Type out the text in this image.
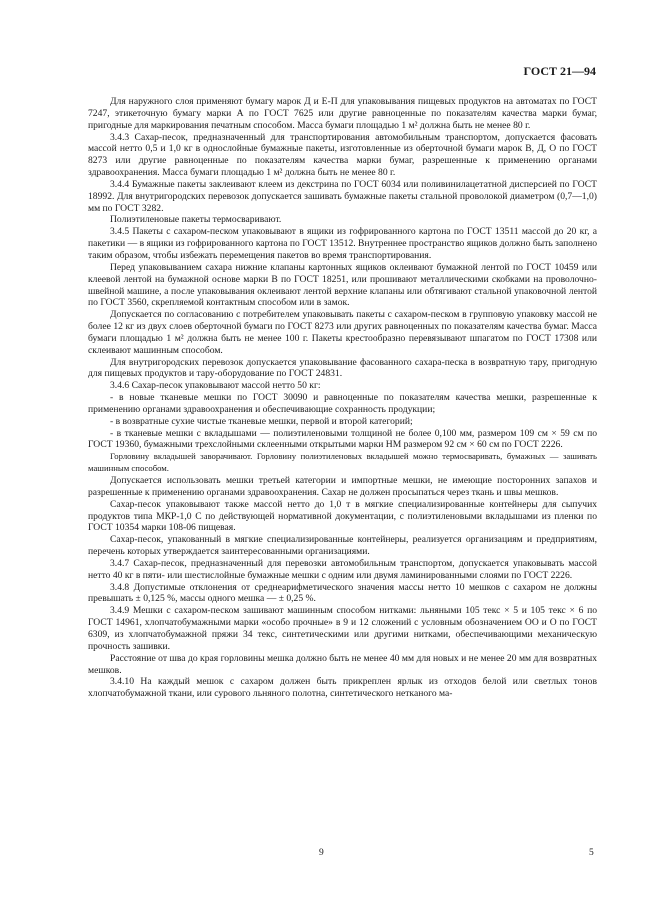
ГОСТ 21—94

Для наружного слоя применяют бумагу марок Д и Е-П для упаковывания пищевых продуктов на автоматах по ГОСТ 7247, этикеточную бумагу марки А по ГОСТ 7625 или другие равноценные по показателям качества марки бумаг, пригодные для маркирования печатным способом. Масса бумаги площадью 1 м² должна быть не менее 80 г.

3.4.3 Сахар-песок, предназначенный для транспортирования автомобильным транспортом, допускается фасовать массой нетто 0,5 и 1,0 кг в однослойные бумажные пакеты, изготовленные из оберточной бумаги марок В, Д, О по ГОСТ 8273 или другие равноценные по показателям качества марки бумаг, разрешенные к применению органами здравоохранения. Масса бумаги площадью 1 м² должна быть не менее 80 г.

3.4.4 Бумажные пакеты заклеивают клеем из декстрина по ГОСТ 6034 или поливинилацетатной дисперсией по ГОСТ 18992. Для внутригородских перевозок допускается зашивать бумажные пакеты стальной проволокой диаметром (0,7—1,0) мм по ГОСТ 3282.

Полиэтиленовые пакеты термосваривают.

3.4.5 Пакеты с сахаром-песком упаковывают в ящики из гофрированного картона по ГОСТ 13511 массой до 20 кг, а пакетики — в ящики из гофрированного картона по ГОСТ 13512. Внутреннее пространство ящиков должно быть заполнено таким образом, чтобы избежать перемещения пакетов во время транспортирования.

Перед упаковыванием сахара нижние клапаны картонных ящиков оклеивают бумажной лентой по ГОСТ 10459 или клеевой лентой на бумажной основе марки В по ГОСТ 18251, или прошивают металлическими скобками на проволочно-швейной машине, а после упаковывания оклеивают лентой верхние клапаны или обтягивают стальной упаковочной лентой по ГОСТ 3560, скрепляемой контактным способом или в замок.

Допускается по согласованию с потребителем упаковывать пакеты с сахаром-песком в групповую упаковку массой не более 12 кг из двух слоев оберточной бумаги по ГОСТ 8273 или других равноценных по показателям качества бумаг. Масса бумаги площадью 1 м² должна быть не менее 100 г. Пакеты крестообразно перевязывают шпагатом по ГОСТ 17308 или склеивают машинным способом.

Для внутригородских перевозок допускается упаковывание фасованного сахара-песка в возвратную тару, пригодную для пищевых продуктов и тару-оборудование по ГОСТ 24831.

3.4.6 Сахар-песок упаковывают массой нетто 50 кг:

- в новые тканевые мешки по ГОСТ 30090 и равноценные по показателям качества мешки, разрешенные к применению органами здравоохранения и обеспечивающие сохранность продукции;

- в возвратные сухие чистые тканевые мешки, первой и второй категорий;

- в тканевые мешки с вкладышами — полиэтиленовыми толщиной не более 0,100 мм, размером 109 см × 59 см по ГОСТ 19360, бумажными трехслойными склеенными открытыми марки НМ размером 92 см × 60 см по ГОСТ 2226.

Горловину вкладышей заворачивают. Горловину полиэтиленовых вкладышей можно термосваривать, бумажных — зашивать машинным способом.

Допускается использовать мешки третьей категории и импортные мешки, не имеющие посторонних запахов и разрешенные к применению органами здравоохранения. Сахар не должен просыпаться через ткань и швы мешков.

Сахар-песок упаковывают также массой нетто до 1,0 т в мягкие специализированные контейнеры для сыпучих продуктов типа МКР-1,0 С по действующей нормативной документации, с полиэтиленовыми вкладышами из пленки по ГОСТ 10354 марки 108-06 пищевая.

Сахар-песок, упакованный в мягкие специализированные контейнеры, реализуется организациям и предприятиям, перечень которых утверждается заинтересованными организациями.

3.4.7 Сахар-песок, предназначенный для перевозки автомобильным транспортом, допускается упаковывать массой нетто 40 кг в пяти- или шестислойные бумажные мешки с одним или двумя ламинированными слоями по ГОСТ 2226.

3.4.8 Допустимые отклонения от среднеарифметического значения массы нетто 10 мешков с сахаром не должны превышать ± 0,125 %, массы одного мешка — ± 0,25 %.

3.4.9 Мешки с сахаром-песком зашивают машинным способом нитками: льняными 105 текс × 5 и 105 текс × 6 по ГОСТ 14961, хлопчатобумажными марки «особо прочные» в 9 и 12 сложений с условным обозначением ОО и О по ГОСТ 6309, из хлопчатобумажной пряжи 34 текс, синтетическими или другими нитками, обеспечивающими механическую прочность зашивки.

Расстояние от шва до края горловины мешка должно быть не менее 40 мм для новых и не менее 20 мм для возвратных мешков.

3.4.10 На каждый мешок с сахаром должен быть прикреплен ярлык из отходов белой или светлых тонов хлопчатобумажной ткани, или сурового льняного полотна, синтетического нетканого ма-

9	5
